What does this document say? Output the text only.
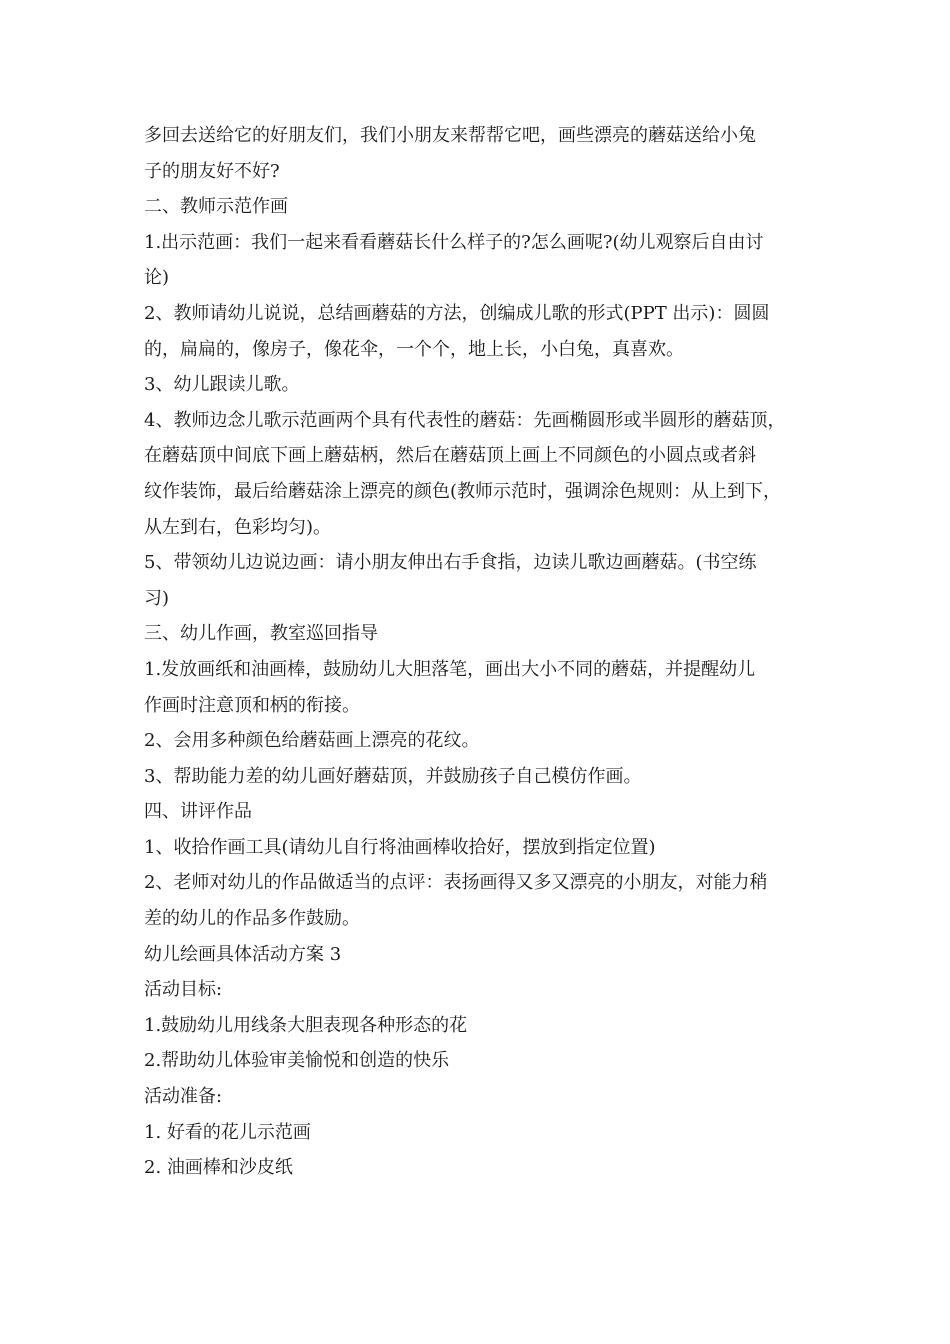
多回去送给它的好朋友们，我们小朋友来帮帮它吧，画些漂亮的蘑菇送给小兔
子的朋友好不好?
二、教师示范作画
1.出示范画：我们一起来看看蘑菇长什么样子的?怎么画呢?(幼儿观察后自由讨
论)
2、教师请幼儿说说，总结画蘑菇的方法，创编成儿歌的形式(PPT 出示)：圆圆
的，扁扁的，像房子，像花伞，一个个，地上长，小白兔，真喜欢。
3、幼儿跟读儿歌。
4、教师边念儿歌示范画两个具有代表性的蘑菇：先画椭圆形或半圆形的蘑菇顶，
在蘑菇顶中间底下画上蘑菇柄，然后在蘑菇顶上画上不同颜色的小圆点或者斜
纹作装饰，最后给蘑菇涂上漂亮的颜色(教师示范时，强调涂色规则：从上到下，
从左到右，色彩均匀)。
5、带领幼儿边说边画：请小朋友伸出右手食指，边读儿歌边画蘑菇。(书空练
习)
三、幼儿作画，教室巡回指导
1.发放画纸和油画棒，鼓励幼儿大胆落笔，画出大小不同的蘑菇，并提醒幼儿
作画时注意顶和柄的衔接。
2、会用多种颜色给蘑菇画上漂亮的花纹。
3、帮助能力差的幼儿画好蘑菇顶，并鼓励孩子自己模仿作画。
四、讲评作品
1、收拾作画工具(请幼儿自行将油画棒收拾好，摆放到指定位置)
2、老师对幼儿的作品做适当的点评：表扬画得又多又漂亮的小朋友，对能力稍
差的幼儿的作品多作鼓励。
幼儿绘画具体活动方案 3
活动目标:
1.鼓励幼儿用线条大胆表现各种形态的花
2.帮助幼儿体验审美愉悦和创造的快乐
活动准备:
1. 好看的花儿示范画
2. 油画棒和沙皮纸
